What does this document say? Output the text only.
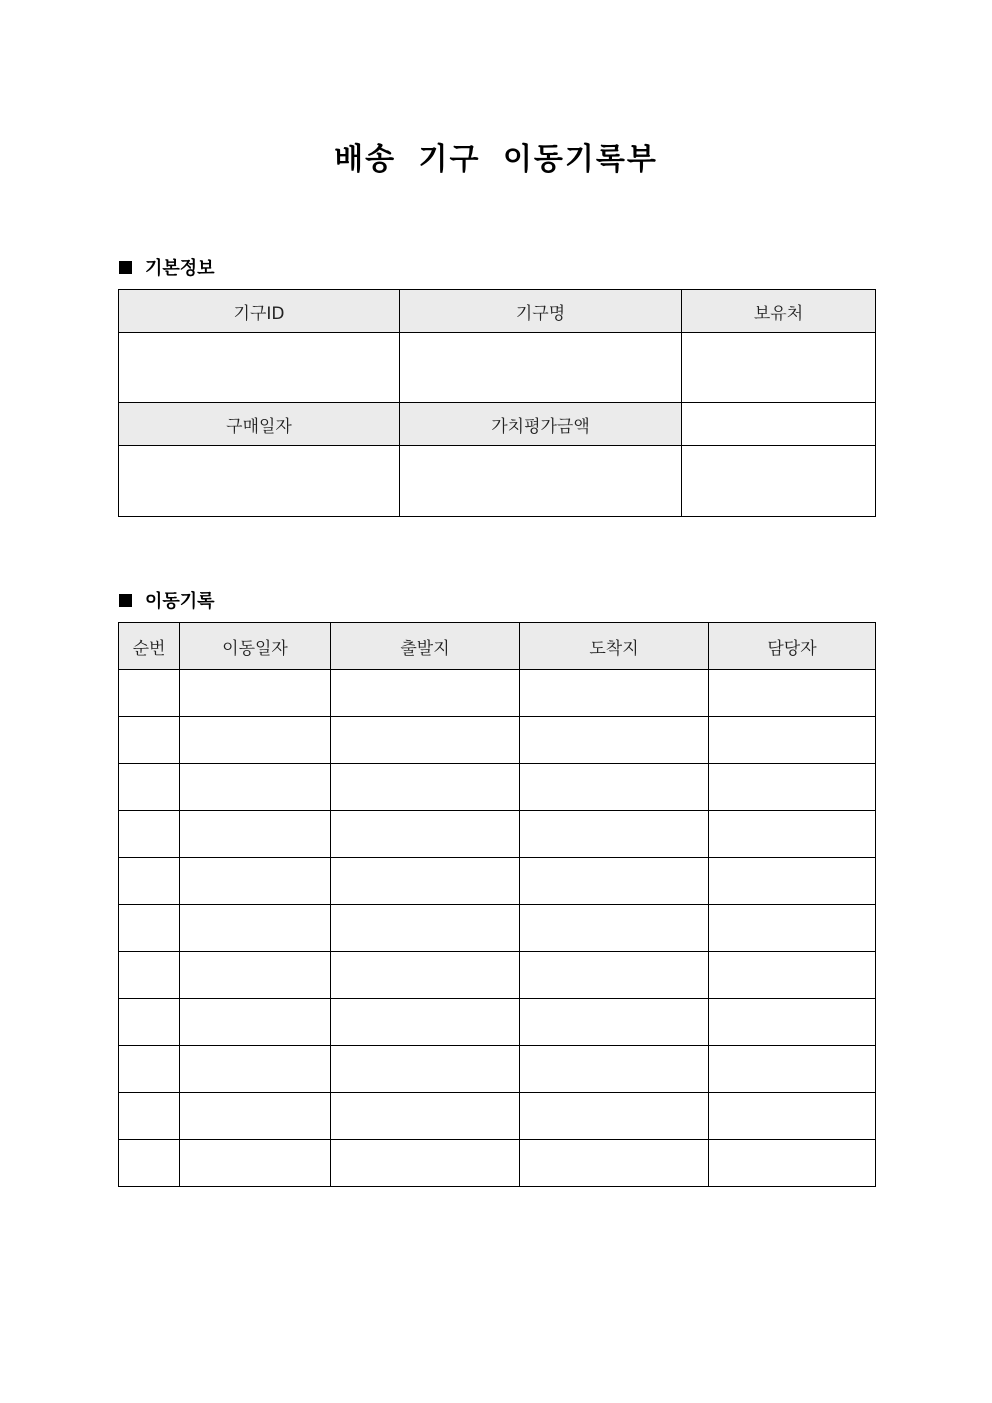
배송 기구 이동기록부
기본정보
기구ID	기구명	보유처

구매일자	가치평가금액	

이동기록
순번	이동일자	출발지	도착지	담당자
